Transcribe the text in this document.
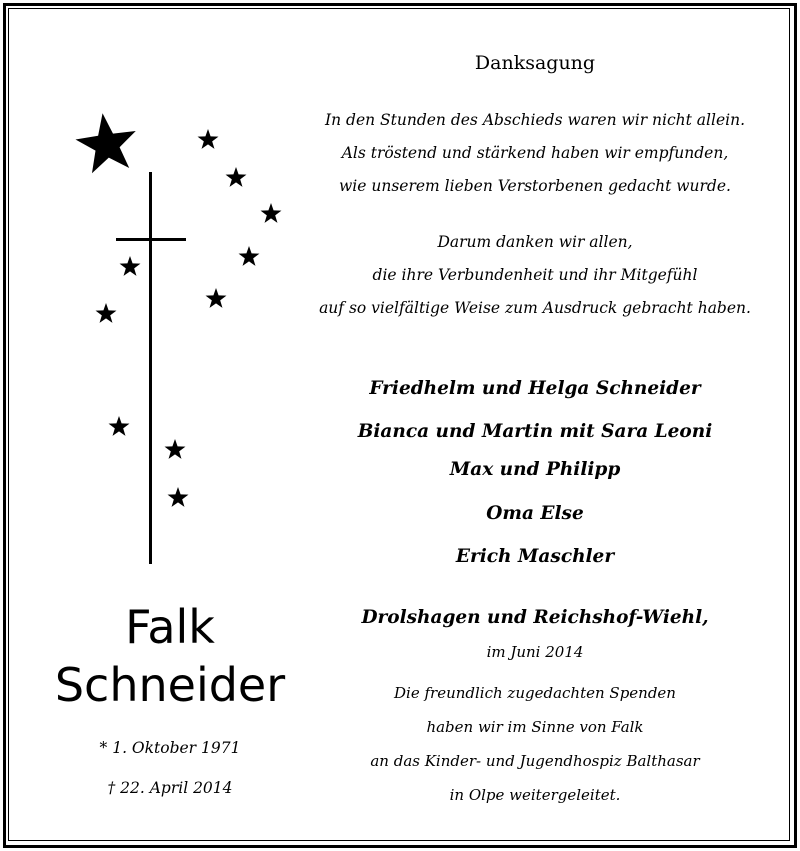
Danksagung
In den Stunden des Abschieds waren wir nicht allein.
Als tröstend und stärkend haben wir empfunden,
wie unserem lieben Verstorbenen gedacht wurde.
Darum danken wir allen,
die ihre Verbundenheit und ihr Mitgefühl
auf so vielfältige Weise zum Ausdruck gebracht haben.
Friedhelm und Helga Schneider
Bianca und Martin mit Sara Leoni
Max und Philipp
Oma Else
Erich Maschler
Drolshagen und Reichshof-Wiehl,
im Juni 2014
Die freundlich zugedachten Spenden
haben wir im Sinne von Falk
an das Kinder- und Jugendhospiz Balthasar
in Olpe weitergeleitet.
Falk
Schneider
* 1. Oktober 1971
† 22. April 2014
